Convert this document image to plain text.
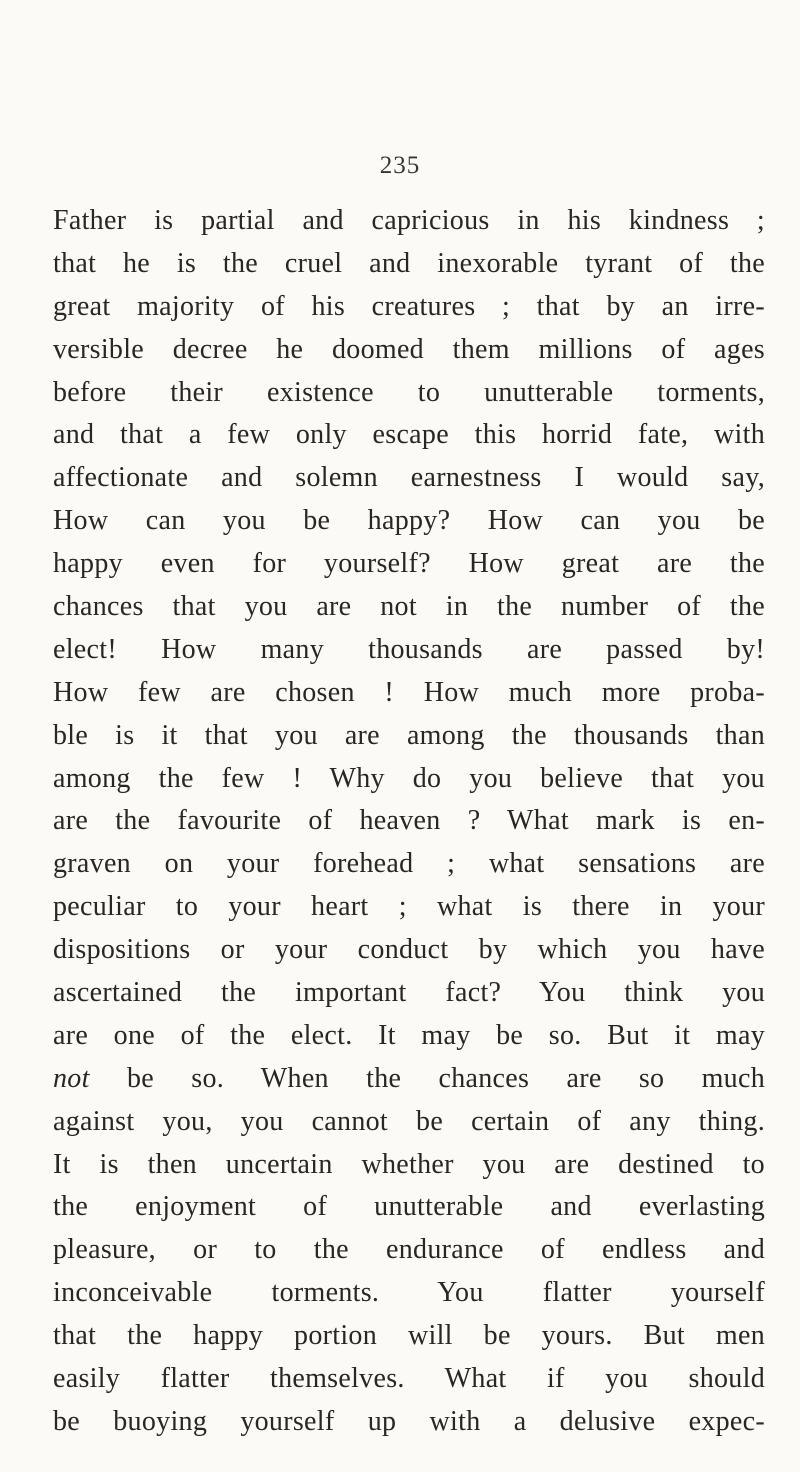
235
Father is partial and capricious in his kindness ;
that he is the cruel and inexorable tyrant of the
great majority of his creatures ; that by an irre-
versible decree he doomed them millions of ages
before their existence to unutterable torments,
and that a few only escape this horrid fate, with
affectionate and solemn earnestness I would say,
How can you be happy? How can you be
happy even for yourself? How great are the
chances that you are not in the number of the
elect! How many thousands are passed by!
How few are chosen ! How much more proba-
ble is it that you are among the thousands than
among the few ! Why do you believe that you
are the favourite of heaven ? What mark is en-
graven on your forehead ; what sensations are
peculiar to your heart ; what is there in your
dispositions or your conduct by which you have
ascertained the important fact? You think you
are one of the elect. It may be so. But it may
not be so. When the chances are so much
against you, you cannot be certain of any thing.
It is then uncertain whether you are destined to
the enjoyment of unutterable and everlasting
pleasure, or to the endurance of endless and
inconceivable torments. You flatter yourself
that the happy portion will be yours. But men
easily flatter themselves. What if you should
be buoying yourself up with a delusive expec-
